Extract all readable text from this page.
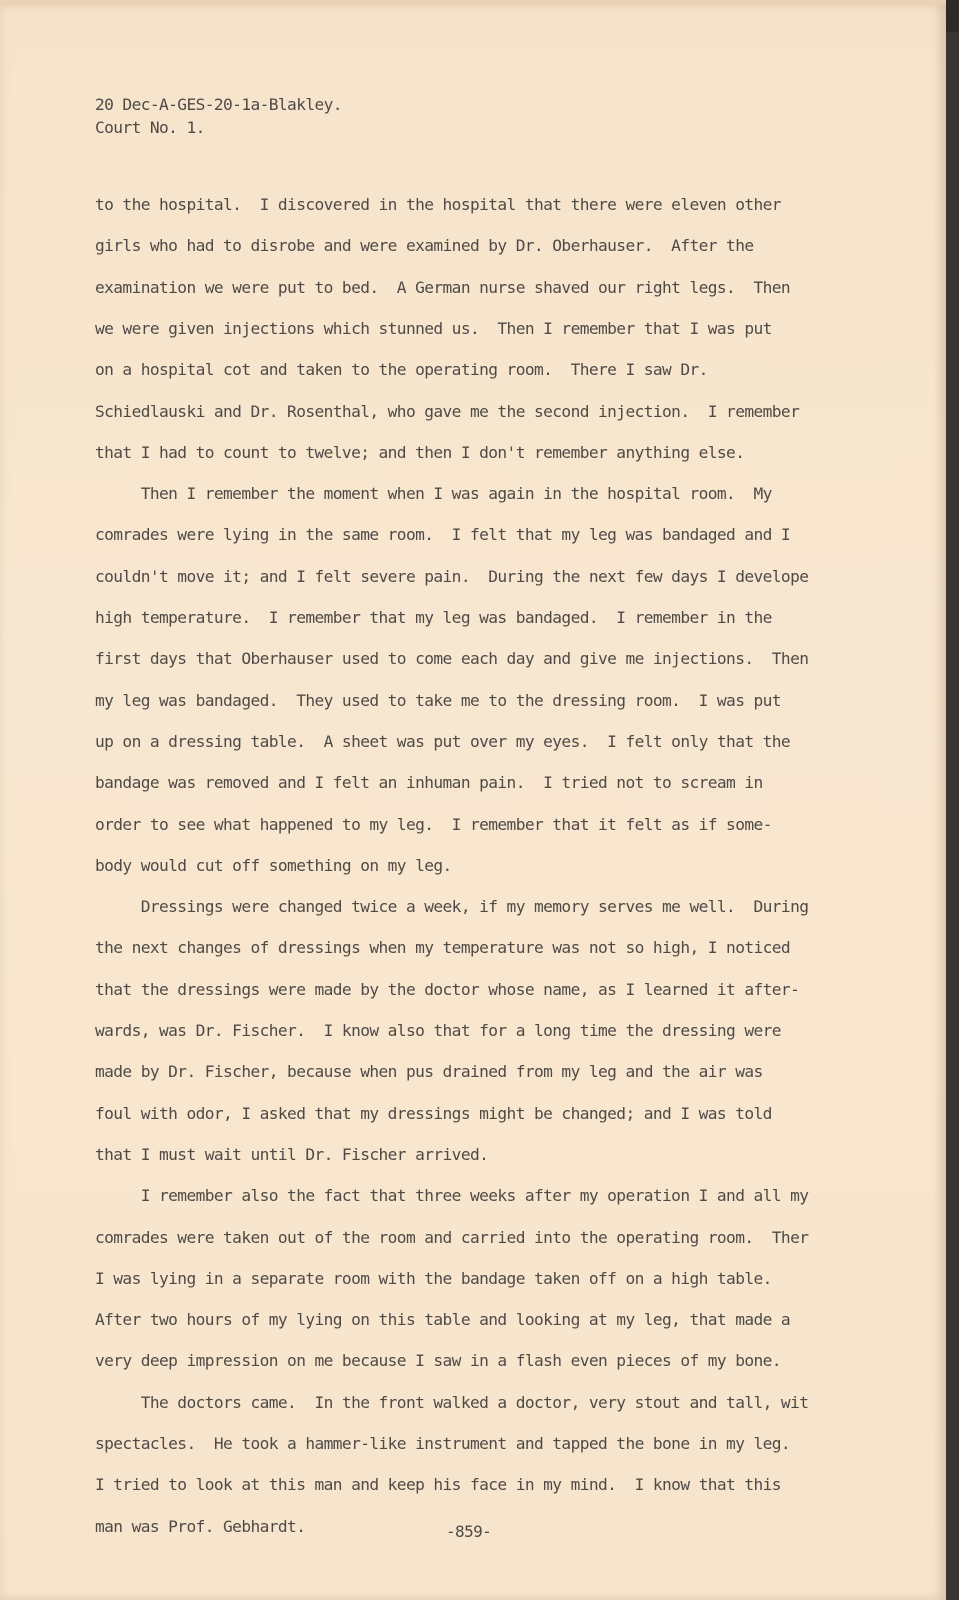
20 Dec-A-GES-20-1a-Blakley.
Court No. 1.
to the hospital.  I discovered in the hospital that there were eleven other
girls who had to disrobe and were examined by Dr. Oberhauser.  After the
examination we were put to bed.  A German nurse shaved our right legs.  Then
we were given injections which stunned us.  Then I remember that I was put
on a hospital cot and taken to the operating room.  There I saw Dr.
Schiedlauski and Dr. Rosenthal, who gave me the second injection.  I remember
that I had to count to twelve; and then I don't remember anything else.
Then I remember the moment when I was again in the hospital room.  My
comrades were lying in the same room.  I felt that my leg was bandaged and I
couldn't move it; and I felt severe pain.  During the next few days I develope
high temperature.  I remember that my leg was bandaged.  I remember in the
first days that Oberhauser used to come each day and give me injections.  Then
my leg was bandaged.  They used to take me to the dressing room.  I was put
up on a dressing table.  A sheet was put over my eyes.  I felt only that the
bandage was removed and I felt an inhuman pain.  I tried not to scream in
order to see what happened to my leg.  I remember that it felt as if some-
body would cut off something on my leg.
Dressings were changed twice a week, if my memory serves me well.  During
the next changes of dressings when my temperature was not so high, I noticed
that the dressings were made by the doctor whose name, as I learned it after-
wards, was Dr. Fischer.  I know also that for a long time the dressing were
made by Dr. Fischer, because when pus drained from my leg and the air was
foul with odor, I asked that my dressings might be changed; and I was told
that I must wait until Dr. Fischer arrived.
I remember also the fact that three weeks after my operation I and all my
comrades were taken out of the room and carried into the operating room.  Ther
I was lying in a separate room with the bandage taken off on a high table.
After two hours of my lying on this table and looking at my leg, that made a
very deep impression on me because I saw in a flash even pieces of my bone.
The doctors came.  In the front walked a doctor, very stout and tall, wit
spectacles.  He took a hammer-like instrument and tapped the bone in my leg.
I tried to look at this man and keep his face in my mind.  I know that this
man was Prof. Gebhardt.	-859-
